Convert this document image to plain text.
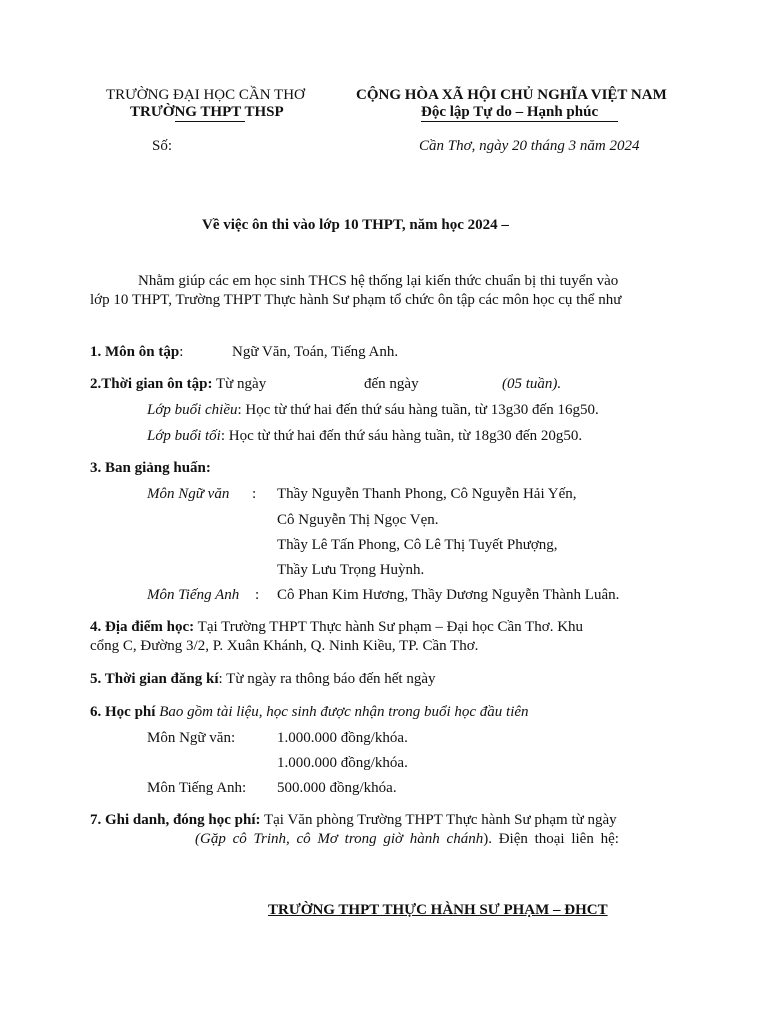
TRƯỜNG ĐẠI HỌC CẦN THƠ
TRƯỜNG THPT THSP
CỘNG HÒA XÃ HỘI CHỦ NGHĨA VIỆT NAM
Độc lập Tự do – Hạnh phúc
Số:	Cần Thơ, ngày 20 tháng 3 năm 2024
Về việc ôn thi vào lớp 10 THPT, năm học 2024 –
Nhằm giúp các em học sinh THCS hệ thống lại kiến thức chuẩn bị thi tuyển vào
lớp 10 THPT, Trường THPT Thực hành Sư phạm tổ chức ôn tập các môn học cụ thể như
1. Môn ôn tập:	Ngữ Văn, Toán, Tiếng Anh.
2.Thời gian ôn tập: Từ ngày	đến ngày	(05 tuần).
Lớp buổi chiều: Học từ thứ hai đến thứ sáu hàng tuần, từ 13g30 đến 16g50.
Lớp buổi tối: Học từ thứ hai đến thứ sáu hàng tuần, từ 18g30 đến 20g50.
3. Ban giảng huấn:
Môn Ngữ văn : Thầy Nguyễn Thanh Phong, Cô Nguyễn Hải Yến,
Cô Nguyễn Thị Ngọc Vẹn.
Thầy Lê Tấn Phong, Cô Lê Thị Tuyết Phượng,
Thầy Lưu Trọng Huỳnh.
Môn Tiếng Anh : Cô Phan Kim Hương, Thầy Dương Nguyễn Thành Luân.
4. Địa điểm học: Tại Trường THPT Thực hành Sư phạm – Đại học Cần Thơ. Khu
cổng C, Đường 3/2, P. Xuân Khánh, Q. Ninh Kiều, TP. Cần Thơ.
5. Thời gian đăng kí: Từ ngày ra thông báo đến hết ngày
6. Học phí Bao gồm tài liệu, học sinh được nhận trong buổi học đầu tiên
Môn Ngữ văn:	1.000.000 đồng/khóa.
1.000.000 đồng/khóa.
Môn Tiếng Anh: 500.000 đồng/khóa.
7. Ghi danh, đóng học phí: Tại Văn phòng Trường THPT Thực hành Sư phạm từ ngày
(Gặp cô Trinh, cô Mơ trong giờ hành chánh). Điện thoại liên hệ:
TRƯỜNG THPT THỰC HÀNH SƯ PHẠM – ĐHCT
